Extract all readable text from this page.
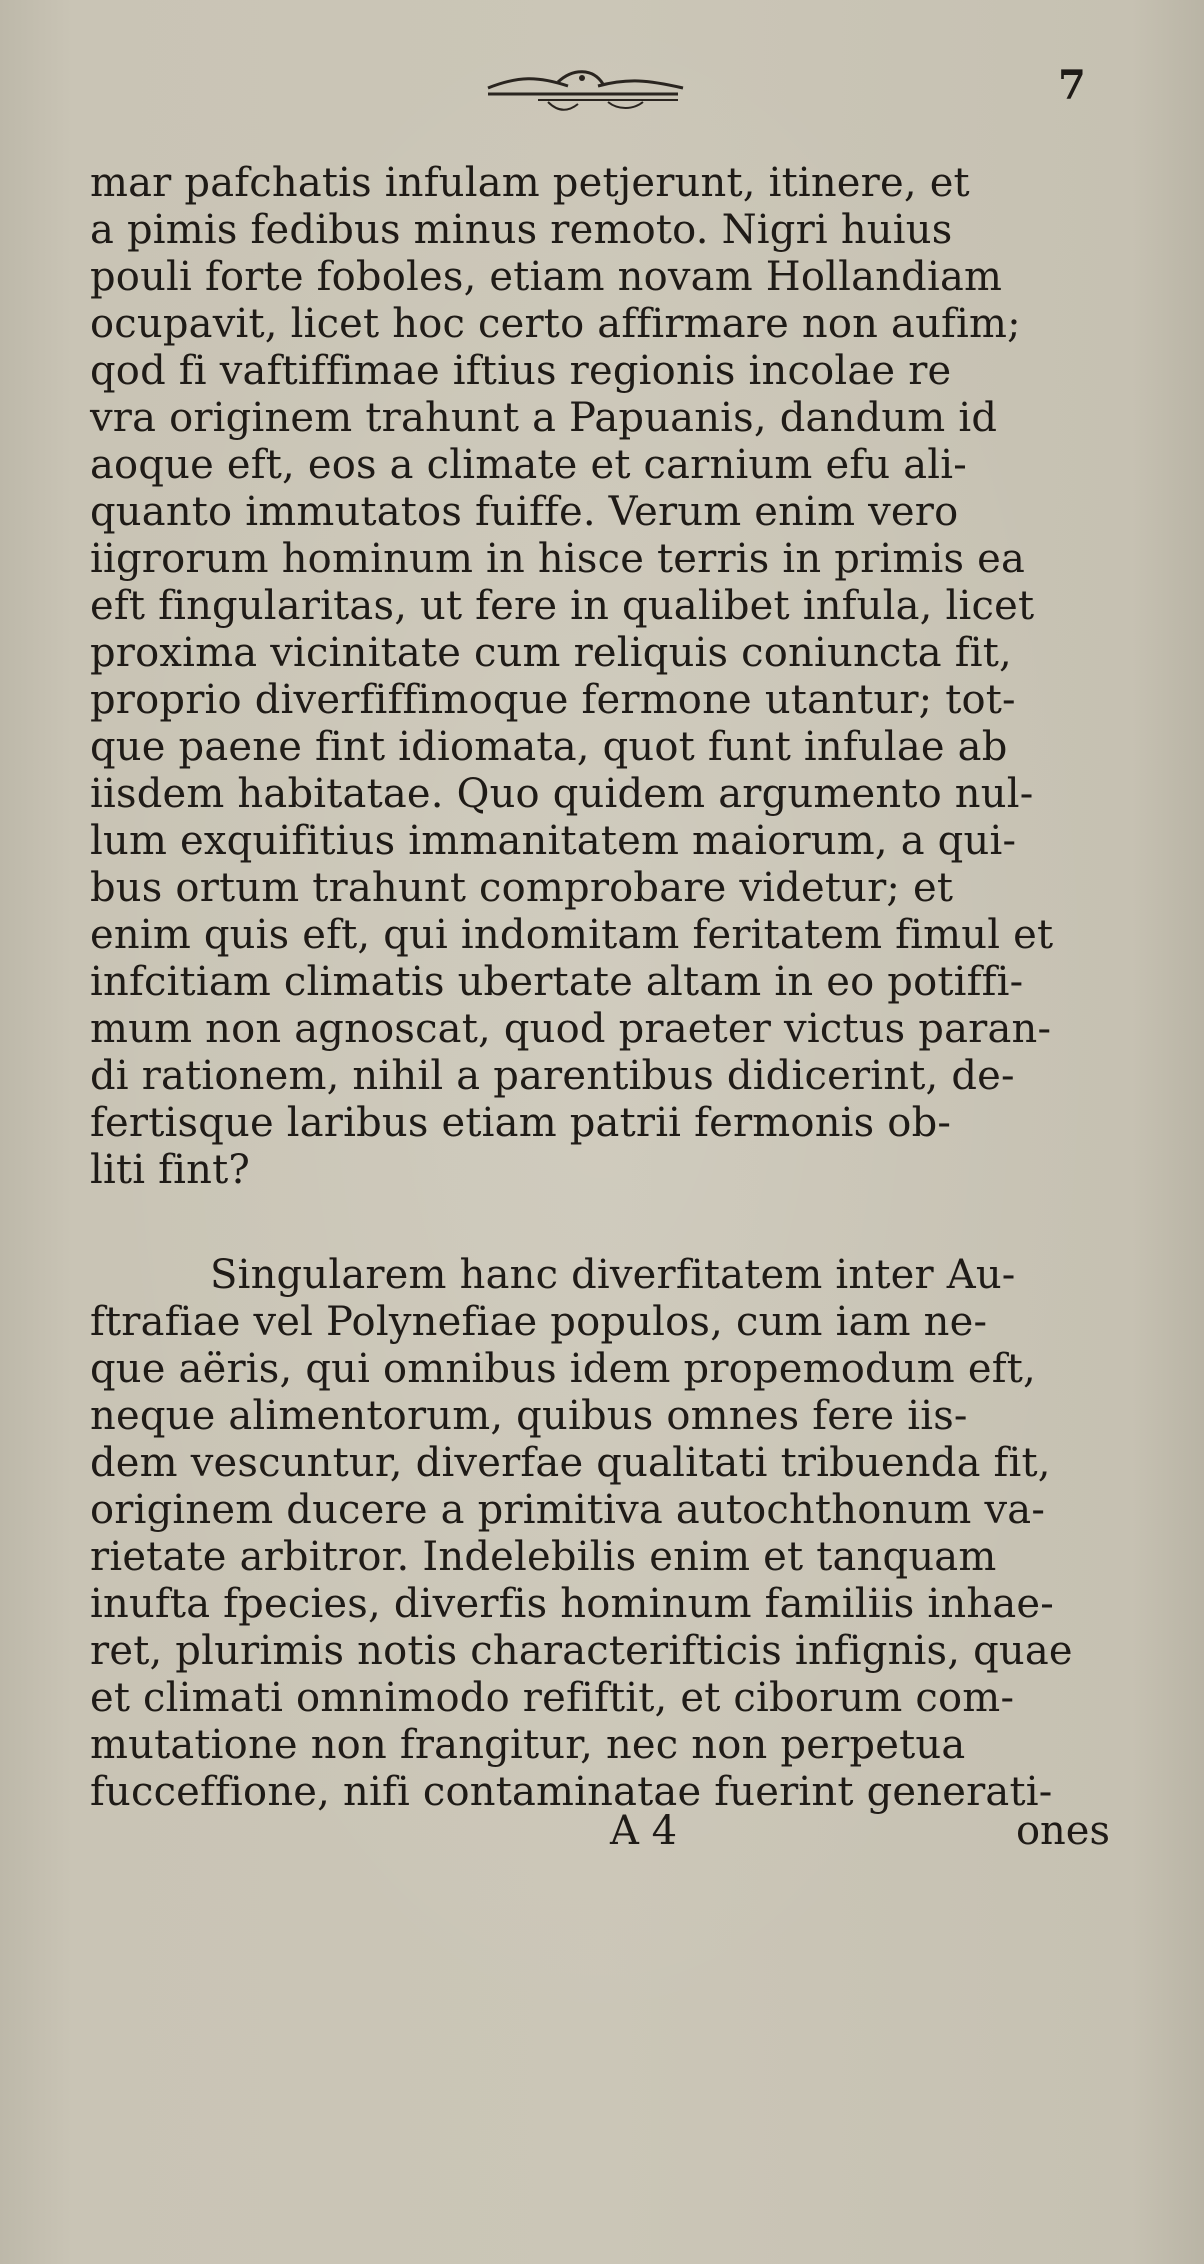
7
mar pafchatis infulam petjerunt, itinere, et
a pimis fedibus minus remoto. Nigri huius
pouli forte foboles, etiam novam Hollandiam
ocupavit, licet hoc certo affirmare non aufim;
qod fi vaftiffimae iftius regionis incolae re
vra originem trahunt a Papuanis, dandum id
aoque eft, eos a climate et carnium efu ali-
quanto immutatos fuiffe. Verum enim vero
iigrorum hominum in hisce terris in primis ea
eft fingularitas, ut fere in qualibet infula, licet
proxima vicinitate cum reliquis coniuncta fit,
proprio diverfiffimoque fermone utantur; tot-
que paene fint idiomata, quot funt infulae ab
iisdem habitatae. Quo quidem argumento nul-
lum exquifitius immanitatem maiorum, a qui-
bus ortum trahunt comprobare videtur; et
enim quis eft, qui indomitam feritatem fimul et
infcitiam climatis ubertate altam in eo potiffi-
mum non agnoscat, quod praeter victus paran-
di rationem, nihil a parentibus didicerint, de-
fertisque laribus etiam patrii fermonis ob-
liti fint?
Singularem hanc diverfitatem inter Au-
ftrafiae vel Polynefiae populos, cum iam ne-
que aëris, qui omnibus idem propemodum eft,
neque alimentorum, quibus omnes fere iis-
dem vescuntur, diverfae qualitati tribuenda fit,
originem ducere a primitiva autochthonum va-
rietate arbitror. Indelebilis enim et tanquam
inufta fpecies, diverfis hominum familiis inhae-
ret, plurimis notis characterifticis infignis, quae
et climati omnimodo refiftit, et ciborum com-
mutatione non frangitur, nec non perpetua
fucceffione, nifi contaminatae fuerint generati-
A 4	ones
